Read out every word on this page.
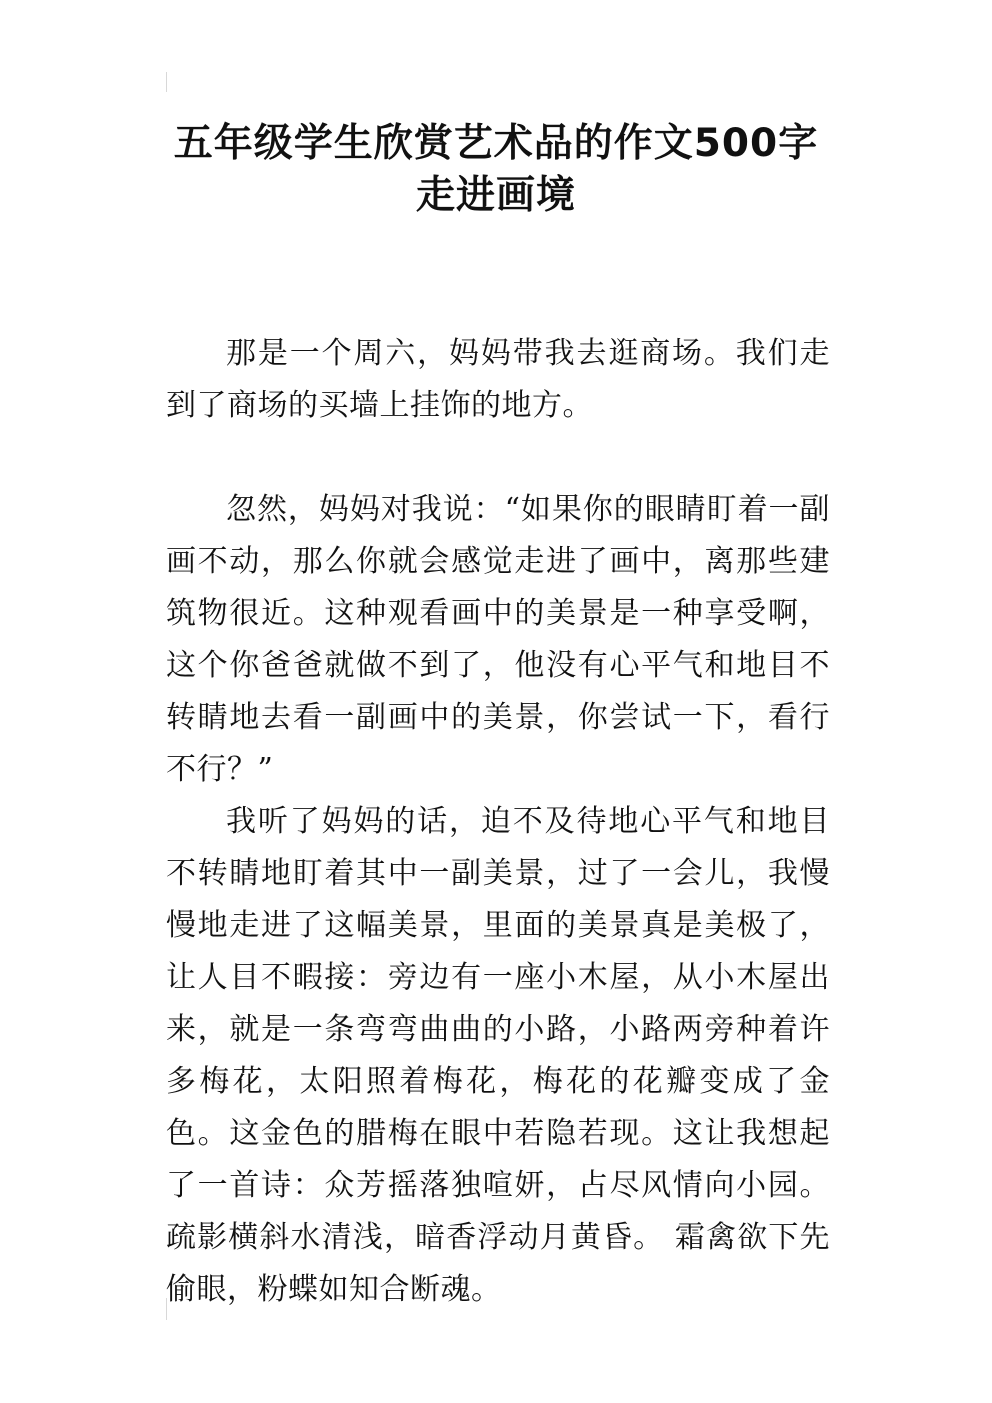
五年级学生欣赏艺术品的作文500字
走进画境

那是一个周六，妈妈带我去逛商场。我们走到了商场的买墙上挂饰的地方。

忽然，妈妈对我说：“如果你的眼睛盯着一副画不动，那么你就会感觉走进了画中，离那些建筑物很近。这种观看画中的美景是一种享受啊，这个你爸爸就做不到了，他没有心平气和地目不转睛地去看一副画中的美景，你尝试一下，看行不行？”

我听了妈妈的话，迫不及待地心平气和地目不转睛地盯着其中一副美景，过了一会儿，我慢慢地走进了这幅美景，里面的美景真是美极了，让人目不暇接：旁边有一座小木屋，从小木屋出来，就是一条弯弯曲曲的小路，小路两旁种着许多梅花，太阳照着梅花，梅花的花瓣变成了金色。这金色的腊梅在眼中若隐若现。这让我想起了一首诗：众芳摇落独喧妍，占尽风情向小园。 疏影横斜水清浅，暗香浮动月黄昏。 霜禽欲下先偷眼，粉蝶如知合断魂。
